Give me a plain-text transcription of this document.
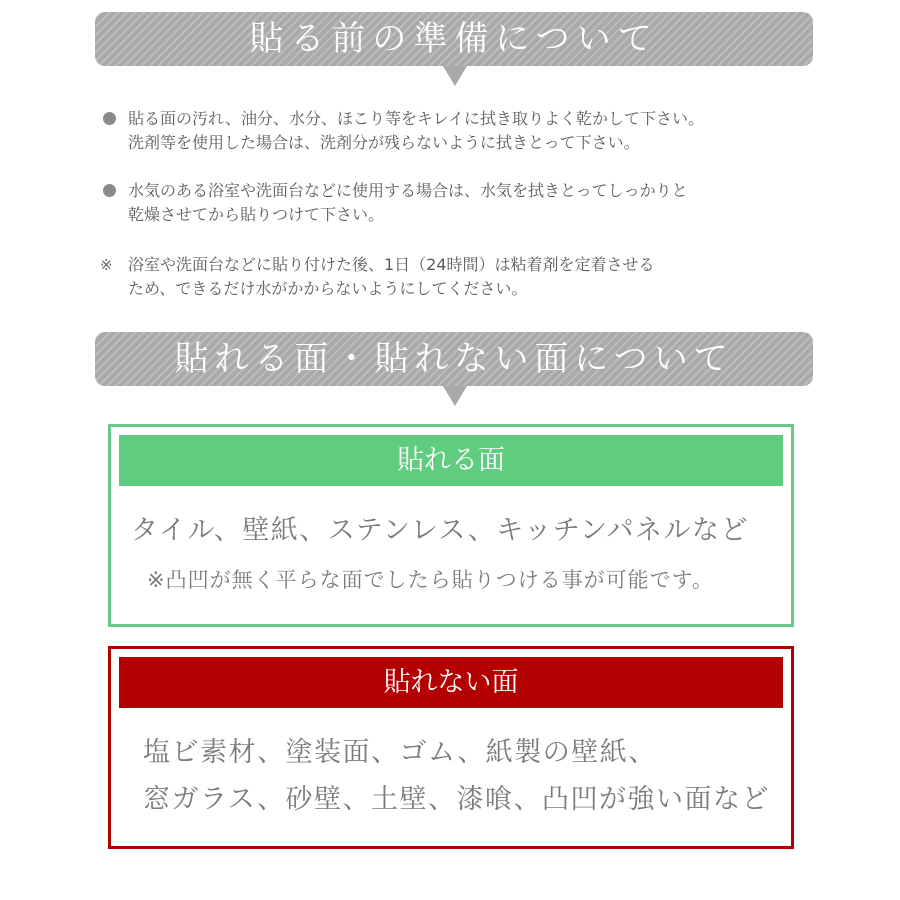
貼る前の準備について
貼る面の汚れ、油分、水分、ほこり等をキレイに拭き取りよく乾かして下さい。
洗剤等を使用した場合は、洗剤分が残らないように拭きとって下さい。
水気のある浴室や洗面台などに使用する場合は、水気を拭きとってしっかりと
乾燥させてから貼りつけて下さい。
※ 浴室や洗面台などに貼り付けた後、1日（24時間）は粘着剤を定着させる
ため、できるだけ水がかからないようにしてください。
貼れる面・貼れない面について
貼れる面
タイル、壁紙、ステンレス、キッチンパネルなど
※凸凹が無く平らな面でしたら貼りつける事が可能です。
貼れない面
塩ビ素材、塗装面、ゴム、紙製の壁紙、
窓ガラス、砂壁、土壁、漆喰、凸凹が強い面など
